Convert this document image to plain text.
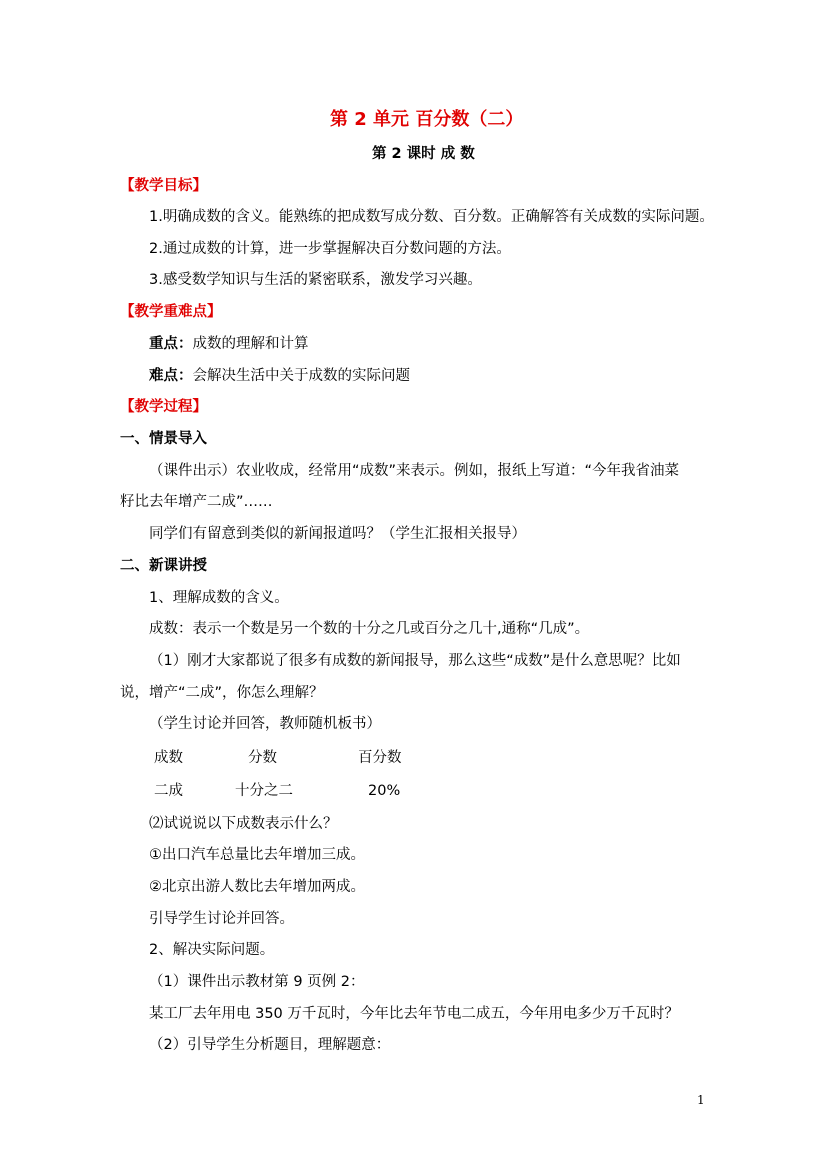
第 2 单元 百分数（二）
第 2 课时 成 数
【教学目标】
1.明确成数的含义。能熟练的把成数写成分数、百分数。正确解答有关成数的实际问题。
2.通过成数的计算，进一步掌握解决百分数问题的方法。
3.感受数学知识与生活的紧密联系，激发学习兴趣。
【教学重难点】
重点：成数的理解和计算
难点：会解决生活中关于成数的实际问题
【教学过程】
一、情景导入
（课件出示）农业收成，经常用“成数”来表示。例如，报纸上写道：“今年我省油菜
籽比去年增产二成”……
同学们有留意到类似的新闻报道吗？（学生汇报相关报导）
二、新课讲授
1、理解成数的含义。
成数：表示一个数是另一个数的十分之几或百分之几十,通称“几成”。
（1）刚才大家都说了很多有成数的新闻报导，那么这些“成数”是什么意思呢？比如
说，增产“二成”，你怎么理解？
（学生讨论并回答，教师随机板书）
成数	分数	百分数
二成	十分之二	20%
⑵试说说以下成数表示什么？
①出口汽车总量比去年增加三成。
②北京出游人数比去年增加两成。
引导学生讨论并回答。
2、解决实际问题。
（1）课件出示教材第 9 页例 2：
某工厂去年用电 350 万千瓦时，今年比去年节电二成五，今年用电多少万千瓦时？
（2）引导学生分析题目，理解题意：
1
